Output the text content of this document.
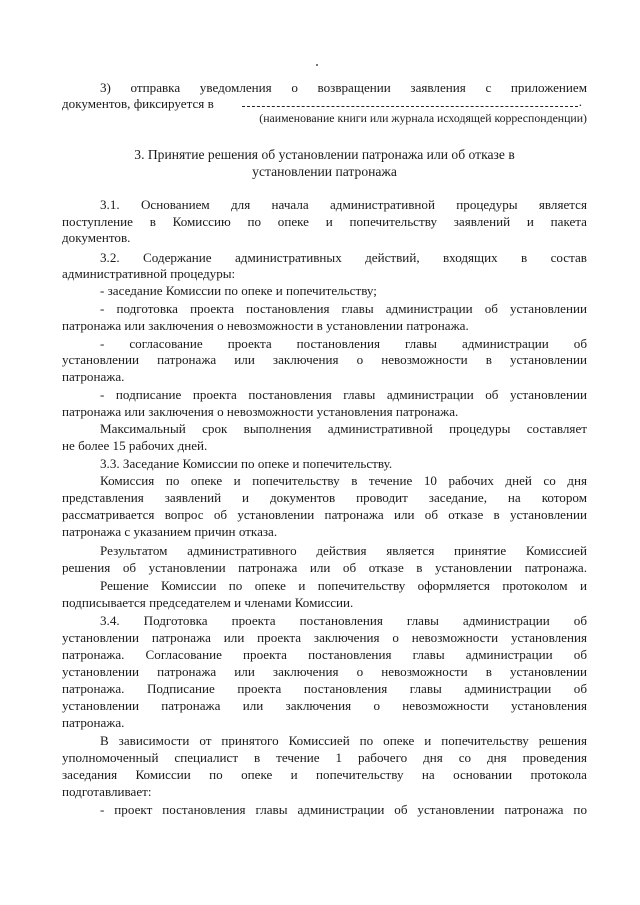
3) отправка уведомления о возвращении заявления с приложением
документов, фиксируется в	.
(наименование книги или журнала исходящей корреспонденции)
3. Принятие решения об установлении патронажа или об отказе в
установлении патронажа
3.1. Основанием для начала административной процедуры является
поступление в Комиссию по опеке и попечительству заявлений и пакета
документов.
3.2. Содержание административных действий, входящих в состав
административной процедуры:
- заседание Комиссии по опеке и попечительству;
- подготовка проекта постановления главы администрации об установлении
патронажа или заключения о невозможности в установлении патронажа.
- согласование проекта постановления главы администрации об
установлении патронажа или заключения о невозможности в установлении
патронажа.
- подписание проекта постановления главы администрации об установлении
патронажа или заключения о невозможности установления патронажа.
Максимальный срок выполнения административной процедуры составляет
не более 15 рабочих дней.
3.3. Заседание Комиссии по опеке и попечительству.
Комиссия по опеке и попечительству в течение 10 рабочих дней со дня
представления заявлений и документов проводит заседание, на котором
рассматривается вопрос об установлении патронажа или об отказе в установлении
патронажа с указанием причин отказа.
Результатом административного действия является принятие Комиссией
решения об установлении патронажа или об отказе в установлении патронажа.
Решение Комиссии по опеке и попечительству оформляется протоколом и
подписывается председателем и членами Комиссии.
3.4. Подготовка проекта постановления главы администрации об
установлении патронажа или проекта заключения о невозможности установления
патронажа. Согласование проекта постановления главы администрации об
установлении патронажа или заключения о невозможности в установлении
патронажа. Подписание проекта постановления главы администрации об
установлении патронажа или заключения о невозможности установления
патронажа.
В зависимости от принятого Комиссией по опеке и попечительству решения
уполномоченный специалист в течение 1 рабочего дня со дня проведения
заседания Комиссии по опеке и попечительству на основании протокола
подготавливает:
- проект постановления главы администрации об установлении патронажа по
